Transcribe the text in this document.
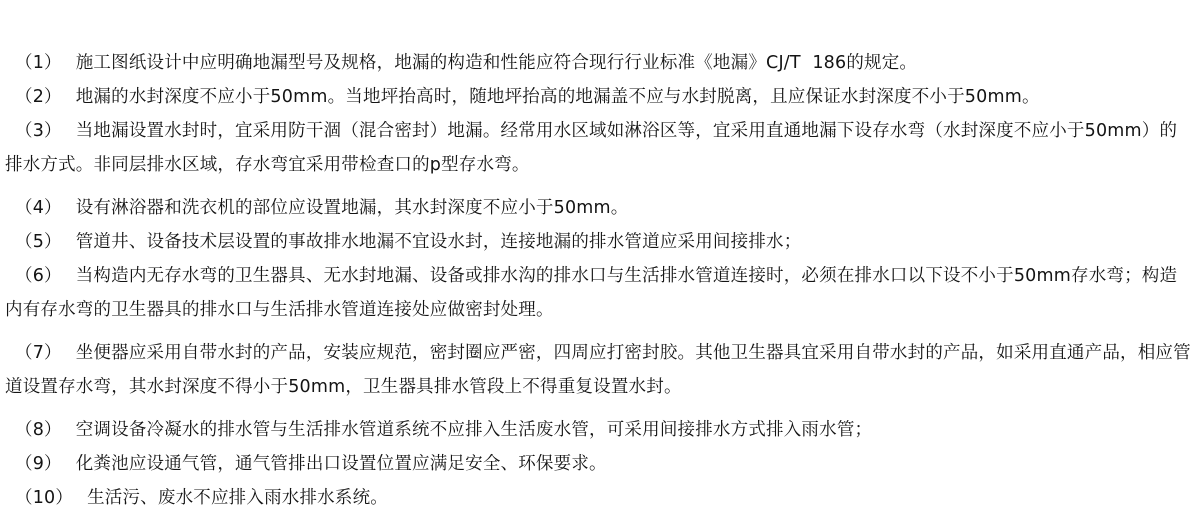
（1） 施工图纸设计中应明确地漏型号及规格，地漏的构造和性能应符合现行行业标准《地漏》CJ/T  186的规定。
（2） 地漏的水封深度不应小于50mm。当地坪抬高时，随地坪抬高的地漏盖不应与水封脱离，且应保证水封深度不小于50mm。
（3） 当地漏设置水封时，宜采用防干涸（混合密封）地漏。经常用水区域如淋浴区等，宜采用直通地漏下设存水弯（水封深度不应小于50mm）的
排水方式。非同层排水区域，存水弯宜采用带检查口的p型存水弯。
（4） 设有淋浴器和洗衣机的部位应设置地漏，其水封深度不应小于50mm。
（5） 管道井、设备技术层设置的事故排水地漏不宜设水封，连接地漏的排水管道应采用间接排水；
（6） 当构造内无存水弯的卫生器具、无水封地漏、设备或排水沟的排水口与生活排水管道连接时，必须在排水口以下设不小于50mm存水弯；构造
内有存水弯的卫生器具的排水口与生活排水管道连接处应做密封处理。
（7） 坐便器应采用自带水封的产品，安装应规范，密封圈应严密，四周应打密封胶。其他卫生器具宜采用自带水封的产品，如采用直通产品，相应管
道设置存水弯，其水封深度不得小于50mm，卫生器具排水管段上不得重复设置水封。
（8） 空调设备冷凝水的排水管与生活排水管道系统不应排入生活废水管，可采用间接排水方式排入雨水管；
（9） 化粪池应设通气管，通气管排出口设置位置应满足安全、环保要求。
（10） 生活污、废水不应排入雨水排水系统。
